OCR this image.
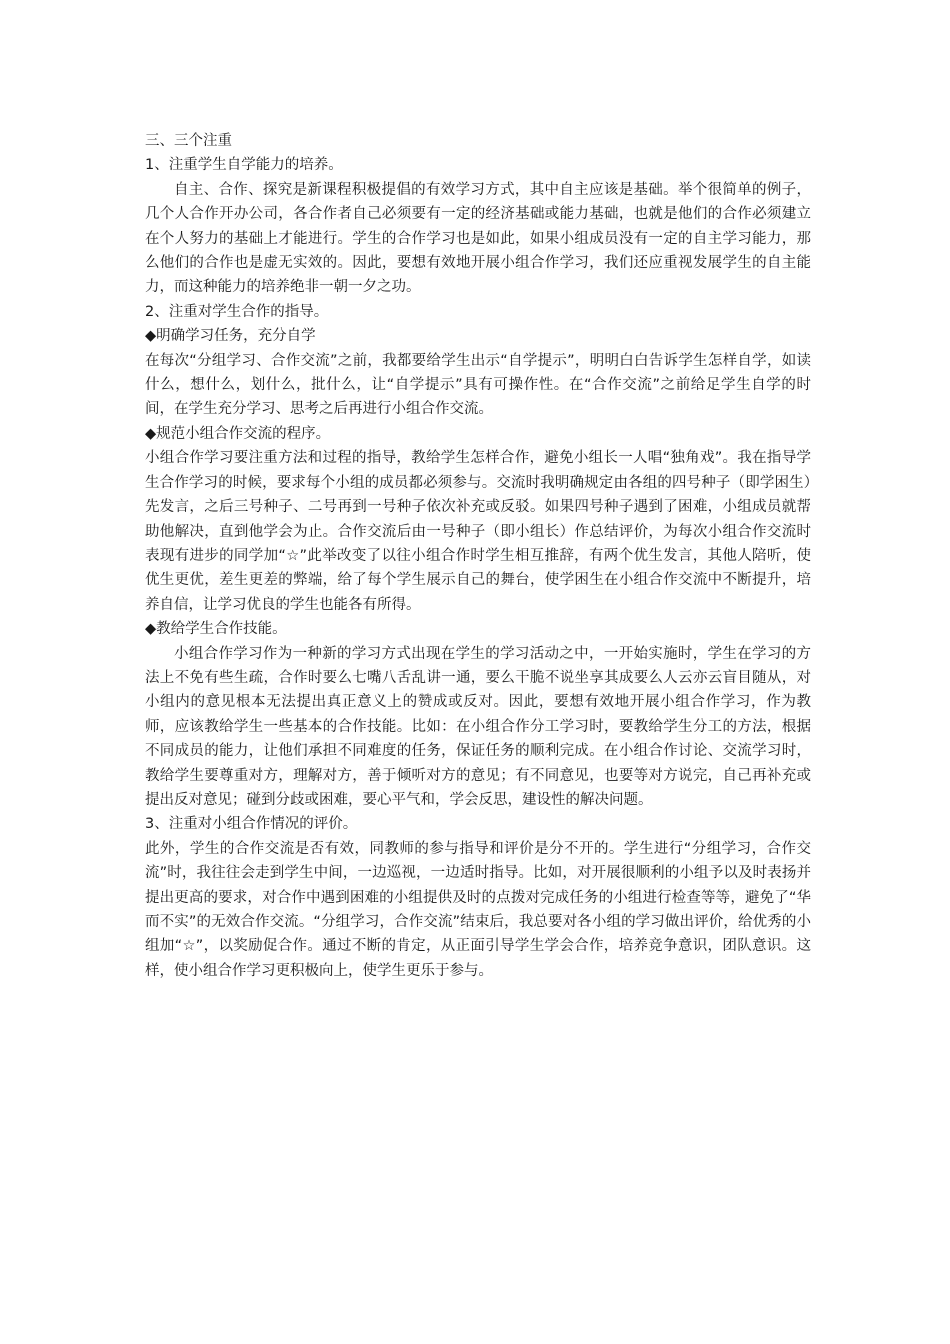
三、三个注重

1、注重学生自学能力的培养。

自主、合作、探究是新课程积极提倡的有效学习方式，其中自主应该是基础。举个很简单的例子，几个人合作开办公司，各合作者自己必须要有一定的经济基础或能力基础，也就是他们的合作必须建立在个人努力的基础上才能进行。学生的合作学习也是如此，如果小组成员没有一定的自主学习能力，那么他们的合作也是虚无实效的。因此，要想有效地开展小组合作学习，我们还应重视发展学生的自主能力，而这种能力的培养绝非一朝一夕之功。

2、注重对学生合作的指导。

◆明确学习任务，充分自学

在每次“分组学习、合作交流”之前，我都要给学生出示“自学提示”，明明白白告诉学生怎样自学，如读什么，想什么，划什么，批什么，让“自学提示”具有可操作性。在“合作交流”之前给足学生自学的时间，在学生充分学习、思考之后再进行小组合作交流。

◆规范小组合作交流的程序。

小组合作学习要注重方法和过程的指导，教给学生怎样合作，避免小组长一人唱“独角戏”。我在指导学生合作学习的时候，要求每个小组的成员都必须参与。交流时我明确规定由各组的四号种子（即学困生）先发言，之后三号种子、二号再到一号种子依次补充或反驳。如果四号种子遇到了困难，小组成员就帮助他解决，直到他学会为止。合作交流后由一号种子（即小组长）作总结评价，为每次小组合作交流时表现有进步的同学加“☆”此举改变了以往小组合作时学生相互推辞，有两个优生发言，其他人陪听，使优生更优，差生更差的弊端，给了每个学生展示自己的舞台，使学困生在小组合作交流中不断提升，培养自信，让学习优良的学生也能各有所得。

◆教给学生合作技能。

小组合作学习作为一种新的学习方式出现在学生的学习活动之中，一开始实施时，学生在学习的方法上不免有些生疏，合作时要么七嘴八舌乱讲一通，要么干脆不说坐享其成要么人云亦云盲目随从，对小组内的意见根本无法提出真正意义上的赞成或反对。因此，要想有效地开展小组合作学习，作为教师，应该教给学生一些基本的合作技能。比如：在小组合作分工学习时，要教给学生分工的方法，根据不同成员的能力，让他们承担不同难度的任务，保证任务的顺利完成。在小组合作讨论、交流学习时，教给学生要尊重对方，理解对方，善于倾听对方的意见；有不同意见，也要等对方说完，自己再补充或提出反对意见；碰到分歧或困难，要心平气和，学会反思，建设性的解决问题。

3、注重对小组合作情况的评价。

此外，学生的合作交流是否有效，同教师的参与指导和评价是分不开的。学生进行“分组学习，合作交流”时，我往往会走到学生中间，一边巡视，一边适时指导。比如，对开展很顺利的小组予以及时表扬并提出更高的要求，对合作中遇到困难的小组提供及时的点拨对完成任务的小组进行检查等等，避免了“华而不实”的无效合作交流。“分组学习，合作交流”结束后，我总要对各小组的学习做出评价，给优秀的小组加“☆”，以奖励促合作。通过不断的肯定，从正面引导学生学会合作，培养竞争意识，团队意识。这样，使小组合作学习更积极向上，使学生更乐于参与。
